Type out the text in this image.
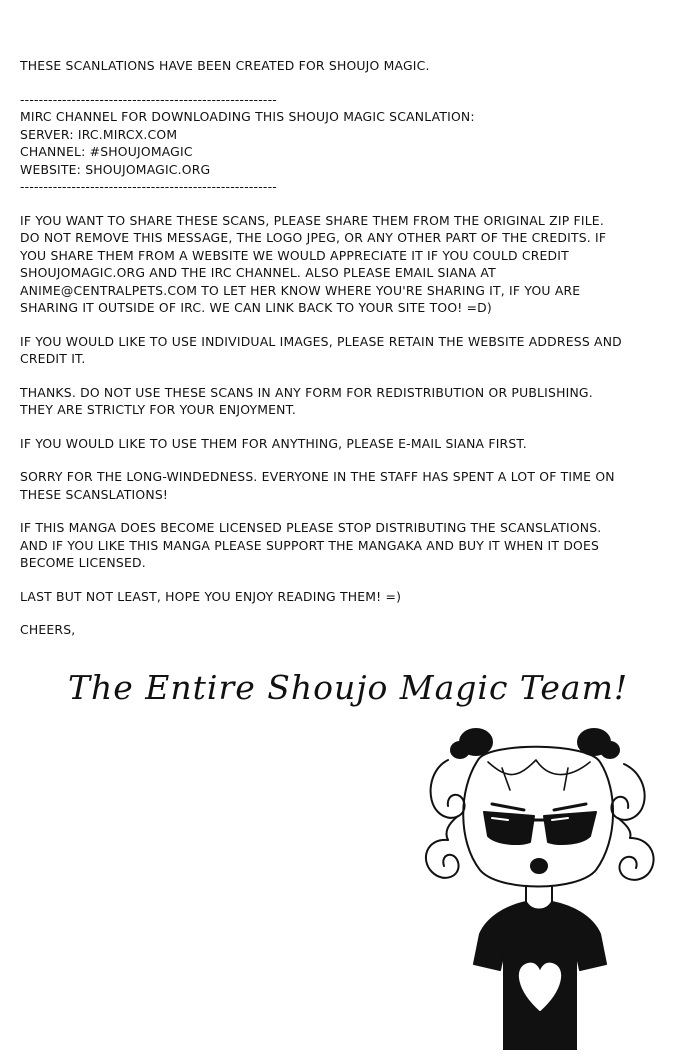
THESE SCANLATIONS HAVE BEEN CREATED FOR SHOUJO MAGIC.

-------------------------------------------------------

MIRC CHANNEL FOR DOWNLOADING THIS SHOUJO MAGIC SCANLATION:

SERVER: IRC.MIRCX.COM

CHANNEL: #SHOUJOMAGIC

WEBSITE: SHOUJOMAGIC.ORG

-------------------------------------------------------

IF YOU WANT TO SHARE THESE SCANS, PLEASE SHARE THEM FROM THE ORIGINAL ZIP FILE.

DO NOT REMOVE THIS MESSAGE, THE LOGO JPEG, OR ANY OTHER PART OF THE CREDITS. IF

YOU SHARE THEM FROM A WEBSITE WE WOULD APPRECIATE IT IF YOU COULD CREDIT

SHOUJOMAGIC.ORG AND THE IRC CHANNEL. ALSO PLEASE EMAIL SIANA AT

ANIME@CENTRALPETS.COM TO LET HER KNOW WHERE YOU'RE SHARING IT, IF YOU ARE

SHARING IT OUTSIDE OF IRC. WE CAN LINK BACK TO YOUR SITE TOO! =D)

IF YOU WOULD LIKE TO USE INDIVIDUAL IMAGES, PLEASE RETAIN THE WEBSITE ADDRESS AND

CREDIT IT.

THANKS. DO NOT USE THESE SCANS IN ANY FORM FOR REDISTRIBUTION OR PUBLISHING.

THEY ARE STRICTLY FOR YOUR ENJOYMENT.

IF YOU WOULD LIKE TO USE THEM FOR ANYTHING, PLEASE E-MAIL SIANA FIRST.

SORRY FOR THE LONG-WINDEDNESS. EVERYONE IN THE STAFF HAS SPENT A LOT OF TIME ON

THESE SCANSLATIONS!

IF THIS MANGA DOES BECOME LICENSED PLEASE STOP DISTRIBUTING THE SCANSLATIONS.

AND IF YOU LIKE THIS MANGA PLEASE SUPPORT THE MANGAKA AND BUY IT WHEN IT DOES

BECOME LICENSED.

LAST BUT NOT LEAST, HOPE YOU ENJOY READING THEM! =)

CHEERS,

The Entire Shoujo Magic Team!
